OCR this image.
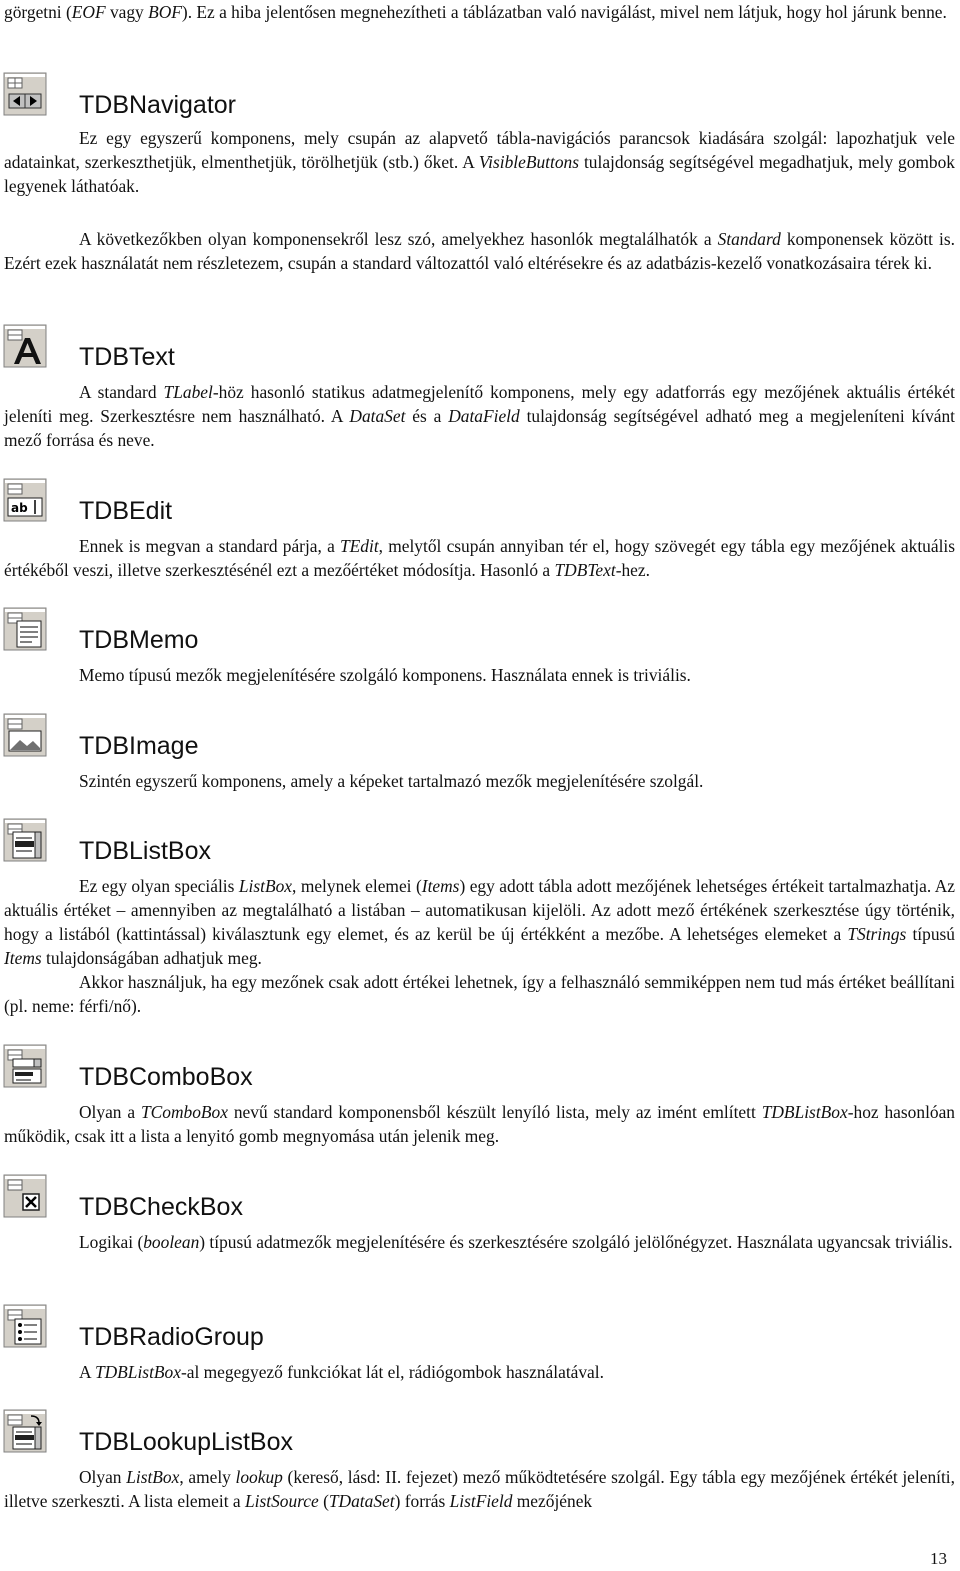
görgetni (EOF vagy BOF). Ez a hiba jelentősen megnehezítheti a táblázatban való navigálást, mivel nem látjuk, hogy hol járunk benne.

TDBNavigator

Ez egy egyszerű komponens, mely csupán az alapvető tábla-navigációs parancsok kiadására szolgál: lapozhatjuk vele adatainkat, szerkeszthetjük, elmenthetjük, törölhetjük (stb.) őket. A VisibleButtons tulajdonság segítségével megadhatjuk, mely gombok legyenek láthatóak.

A következőkben olyan komponensekről lesz szó, amelyekhez hasonlók megtalálhatók a Standard komponensek között is. Ezért ezek használatát nem részletezem, csupán a standard változattól való eltérésekre és az adatbázis-kezelő vonatkozásaira térek ki.

TDBText

A standard TLabel-höz hasonló statikus adatmegjelenítő komponens, mely egy adatforrás egy mezőjének aktuális értékét jeleníti meg. Szerkesztésre nem használható. A DataSet és a DataField tulajdonság segítségével adható meg a megjeleníteni kívánt mező forrása és neve.

ab TDBEdit

Ennek is megvan a standard párja, a TEdit, melytől csupán annyiban tér el, hogy szövegét egy tábla egy mezőjének aktuális értékéből veszi, illetve szerkesztésénél ezt a mezőértéket módosítja. Hasonló a TDBText-hez.

TDBMemo

Memo típusú mezők megjelenítésére szolgáló komponens. Használata ennek is triviális.

TDBImage

Szintén egyszerű komponens, amely a képeket tartalmazó mezők megjelenítésére szolgál.

TDBListBox

Ez egy olyan speciális ListBox, melynek elemei (Items) egy adott tábla adott mezőjének lehetséges értékeit tartalmazhatja. Az aktuális értéket – amennyiben az megtalálható a listában – automatikusan kijelöli. Az adott mező értékének szerkesztése úgy történik, hogy a listából (kattintással) kiválasztunk egy elemet, és az kerül be új értékként a mezőbe. A lehetséges elemeket a TStrings típusú Items tulajdonságában adhatjuk meg.

Akkor használjuk, ha egy mezőnek csak adott értékei lehetnek, így a felhasználó semmiképpen nem tud más értéket beállítani (pl. neme: férfi/nő).

TDBComboBox

Olyan a TComboBox nevű standard komponensből készült lenyíló lista, mely az imént említett TDBListBox-hoz hasonlóan működik, csak itt a lista a lenyitó gomb megnyomása után jelenik meg.

TDBCheckBox

Logikai (boolean) típusú adatmezők megjelenítésére és szerkesztésére szolgáló jelölőnégyzet. Használata ugyancsak triviális.

TDBRadioGroup

A TDBListBox-al megegyező funkciókat lát el, rádiógombok használatával.

TDBLookupListBox

Olyan ListBox, amely lookup (kereső, lásd: II. fejezet) mező működtetésére szolgál. Egy tábla egy mezőjének értékét jeleníti, illetve szerkeszti. A lista elemeit a ListSource (TDataSet) forrás ListField mezőjének

13
